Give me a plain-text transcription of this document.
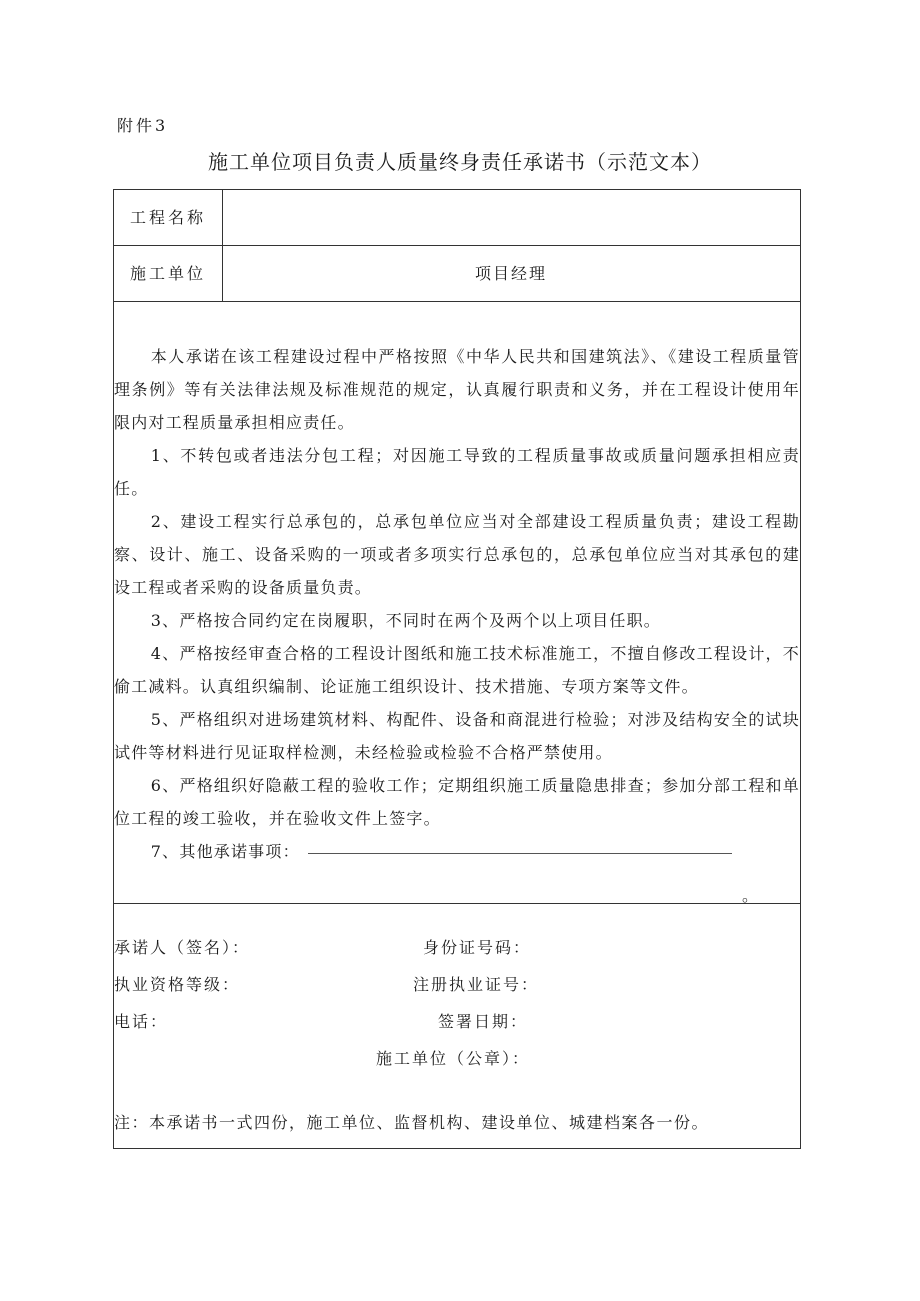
附件3
施工单位项目负责人质量终身责任承诺书（示范文本）
工程名称
施工单位	项目经理

本人承诺在该工程建设过程中严格按照《中华人民共和国建筑法》、《建设工程质量管理条例》等有关法律法规及标准规范的规定，认真履行职责和义务，并在工程设计使用年限内对工程质量承担相应责任。

1、不转包或者违法分包工程；对因施工导致的工程质量事故或质量问题承担相应责任。

2、建设工程实行总承包的，总承包单位应当对全部建设工程质量负责；建设工程勘察、设计、施工、设备采购的一项或者多项实行总承包的，总承包单位应当对其承包的建设工程或者采购的设备质量负责。

3、严格按合同约定在岗履职，不同时在两个及两个以上项目任职。

4、严格按经审查合格的工程设计图纸和施工技术标准施工，不擅自修改工程设计，不偷工减料。认真组织编制、论证施工组织设计、技术措施、专项方案等文件。

5、严格组织对进场建筑材料、构配件、设备和商混进行检验；对涉及结构安全的试块试件等材料进行见证取样检测，未经检验或检验不合格严禁使用。

6、严格组织好隐蔽工程的验收工作；定期组织施工质量隐患排查；参加分部工程和单位工程的竣工验收，并在验收文件上签字。

7、其他承诺事项：

。
承诺人（签名）：	身份证号码：
执业资格等级：	注册执业证号：
电话：	签署日期：
施工单位（公章）：
注：本承诺书一式四份，施工单位、监督机构、建设单位、城建档案各一份。
